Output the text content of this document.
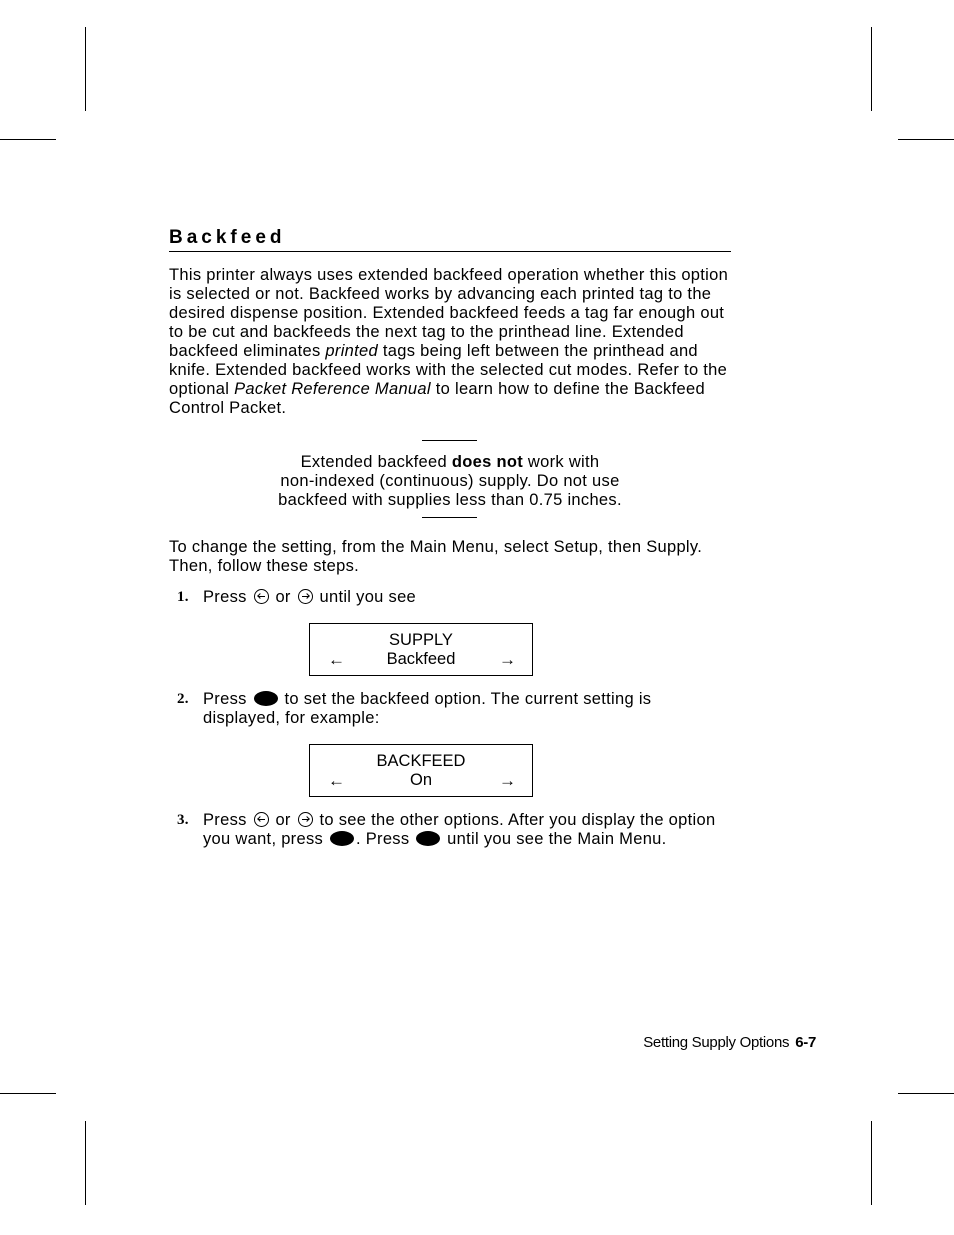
Backfeed

This printer always uses extended backfeed operation whether this option is selected or not. Backfeed works by advancing each printed tag to the desired dispense position. Extended backfeed feeds a tag far enough out to be cut and backfeeds the next tag to the printhead line. Extended backfeed eliminates printed tags being left between the printhead and knife. Extended backfeed works with the selected cut modes. Refer to the optional Packet Reference Manual to learn how to define the Backfeed Control Packet.

Extended backfeed does not work with
non-indexed (continuous) supply. Do not use
backfeed with supplies less than 0.75 inches.

To change the setting, from the Main Menu, select Setup, then Supply. Then, follow these steps.

1. Press  or  until you see
SUPPLY
←	Backfeed	→
2. Press  to set the backfeed option. The current setting is displayed, for example:
BACKFEED
←	On	→
3. Press  or  to see the other options. After you display the option you want, press . Press  until you see the Main Menu.
Setting Supply Options 6-7
